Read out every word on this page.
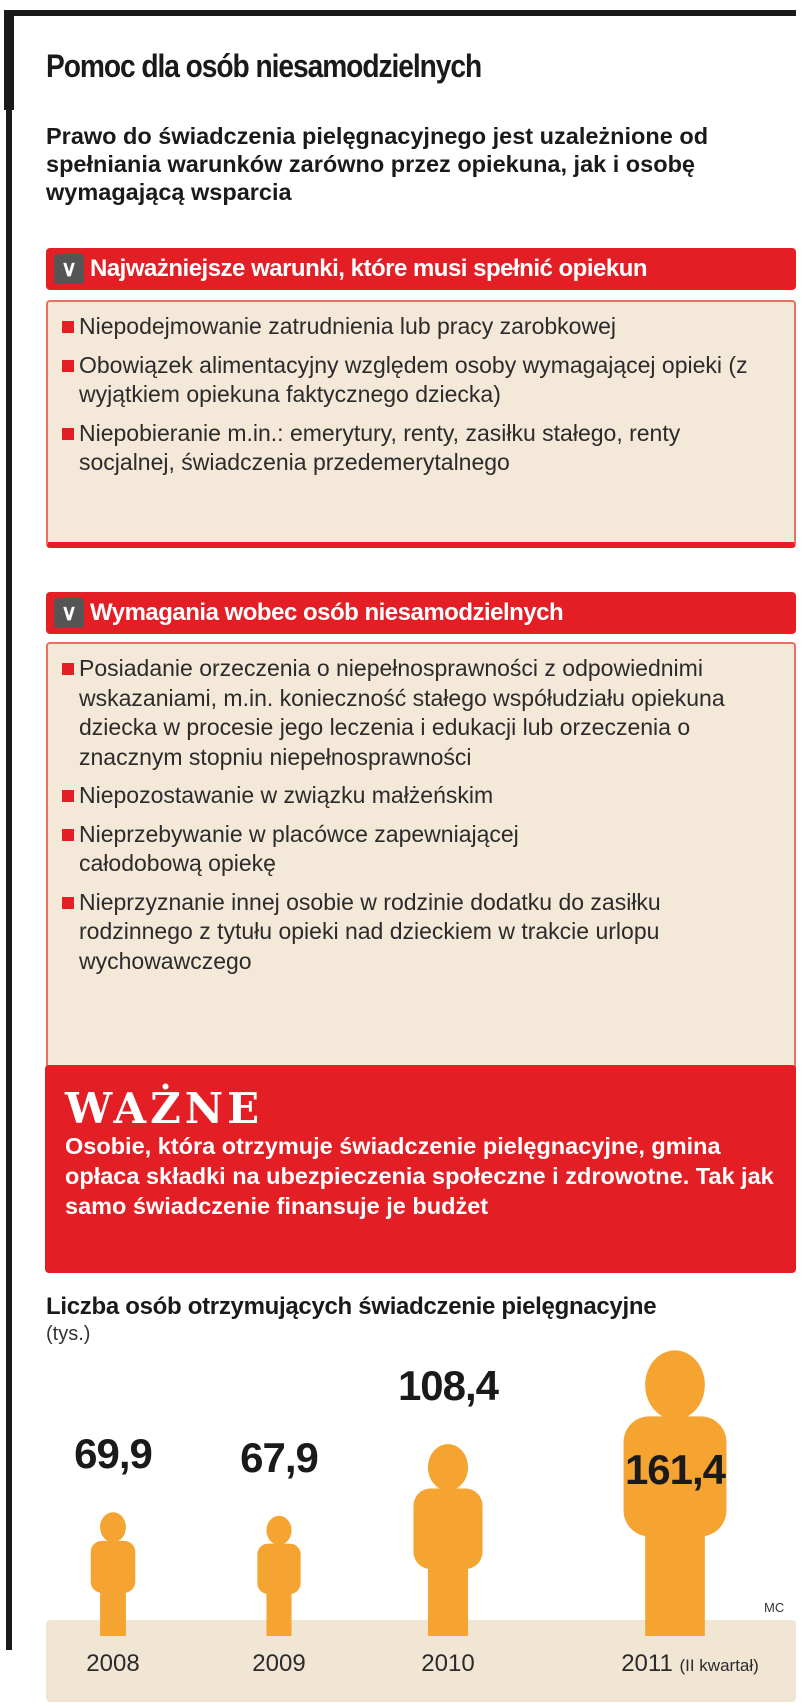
Pomoc dla osób niesamodzielnych
Prawo do świadczenia pielęgnacyjnego jest uzależnione od spełniania warunków zarówno przez opiekuna, jak i osobę wymagającą wsparcia
∨ Najważniejsze warunki, które musi spełnić opiekun
Niepodejmowanie zatrudnienia lub pracy zarobkowej
Obowiązek alimentacyjny względem osoby wymagającej opieki (z wyjątkiem opiekuna faktycznego dziecka)
Niepobieranie m.in.: emerytury, renty, zasiłku stałego, renty socjalnej, świadczenia przedemerytalnego
∨ Wymagania wobec osób niesamodzielnych
Posiadanie orzeczenia o niepełnosprawności z odpowiednimi wskazaniami, m.in. konieczność stałego współudziału opiekuna dziecka w procesie jego leczenia i edukacji lub orzeczenia o znacznym stopniu niepełnosprawności
Niepozostawanie w związku małżeńskim
Nieprzebywanie w placówce zapewniającej całodobową opiekę
Nieprzyznanie innej osobie w rodzinie dodatku do zasiłku rodzinnego z tytułu opieki nad dzieckiem w trakcie urlopu wychowawczego
WAŻNE
Osobie, która otrzymuje świadczenie pielęgnacyjne, gmina opłaca składki na ubezpieczenia społeczne i zdrowotne. Tak jak samo świadczenie finansuje je budżet
Liczba osób otrzymujących świadczenie pielęgnacyjne
(tys.)
MC
69,9
2008
67,9
2009
108,4
2010
161,4
2011 (II kwartał)
